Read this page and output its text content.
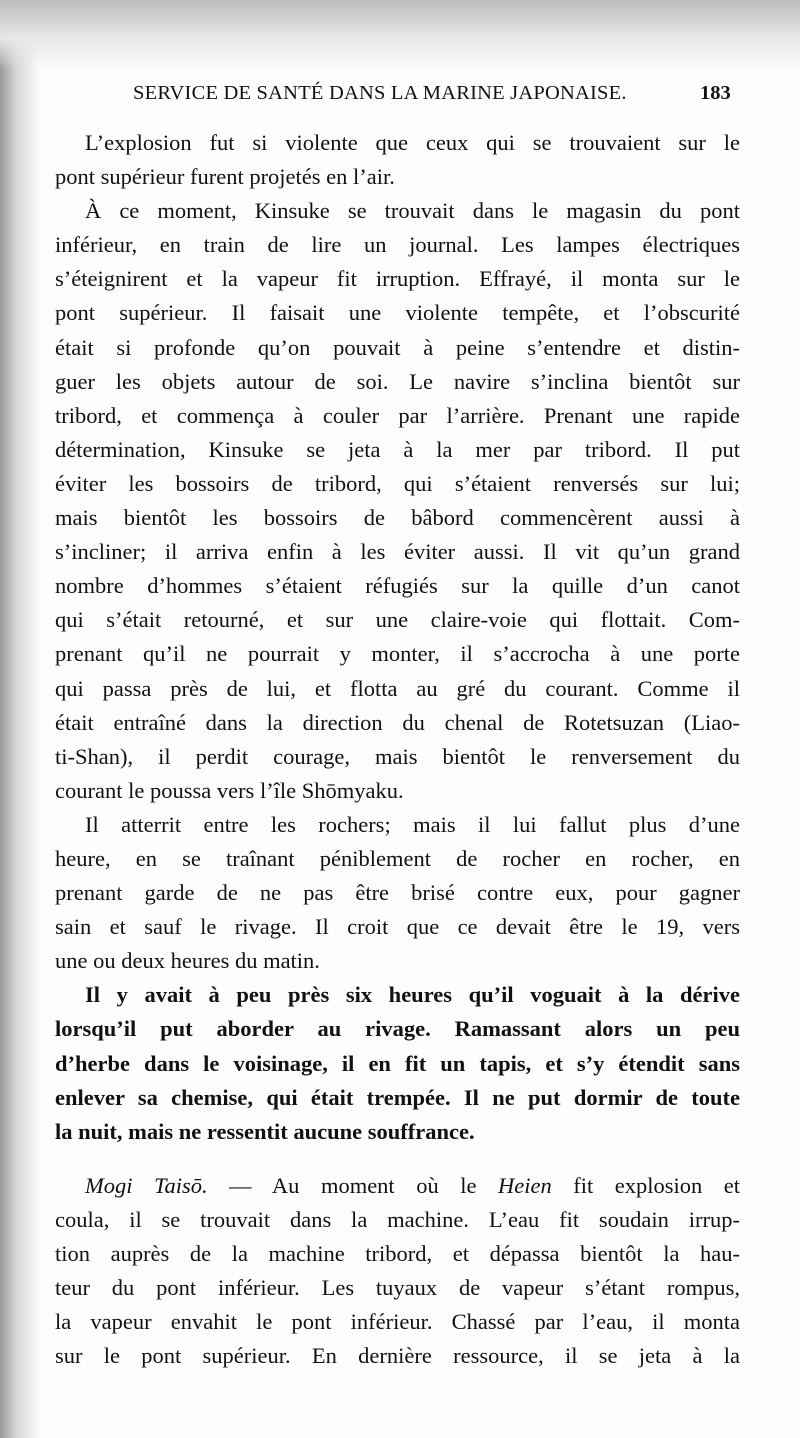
SERVICE DE SANTÉ DANS LA MARINE JAPONAISE.	183
L’explosion fut si violente que ceux qui se trouvaient sur le
pont supérieur furent projetés en l’air.
À ce moment, Kinsuke se trouvait dans le magasin du pont
inférieur, en train de lire un journal. Les lampes électriques
s’éteignirent et la vapeur fit irruption. Effrayé, il monta sur le
pont supérieur. Il faisait une violente tempête, et l’obscurité
était si profonde qu’on pouvait à peine s’entendre et distin-
guer les objets autour de soi. Le navire s’inclina bientôt sur
tribord, et commença à couler par l’arrière. Prenant une rapide
détermination, Kinsuke se jeta à la mer par tribord. Il put
éviter les bossoirs de tribord, qui s’étaient renversés sur lui;
mais bientôt les bossoirs de bâbord commencèrent aussi à
s’incliner; il arriva enfin à les éviter aussi. Il vit qu’un grand
nombre d’hommes s’étaient réfugiés sur la quille d’un canot
qui s’était retourné, et sur une claire-voie qui flottait. Com-
prenant qu’il ne pourrait y monter, il s’accrocha à une porte
qui passa près de lui, et flotta au gré du courant. Comme il
était entraîné dans la direction du chenal de Rotetsuzan (Liao-
ti-Shan), il perdit courage, mais bientôt le renversement du
courant le poussa vers l’île Shōmyaku.
Il atterrit entre les rochers; mais il lui fallut plus d’une
heure, en se traînant péniblement de rocher en rocher, en
prenant garde de ne pas être brisé contre eux, pour gagner
sain et sauf le rivage. Il croit que ce devait être le 19, vers
une ou deux heures du matin.
Il y avait à peu près six heures qu’il voguait à la dérive
lorsqu’il put aborder au rivage. Ramassant alors un peu
d’herbe dans le voisinage, il en fit un tapis, et s’y étendit sans
enlever sa chemise, qui était trempée. Il ne put dormir de toute
la nuit, mais ne ressentit aucune souffrance.
Mogi Taisō. — Au moment où le Heien fit explosion et
coula, il se trouvait dans la machine. L’eau fit soudain irrup-
tion auprès de la machine tribord, et dépassa bientôt la hau-
teur du pont inférieur. Les tuyaux de vapeur s’étant rompus,
la vapeur envahit le pont inférieur. Chassé par l’eau, il monta
sur le pont supérieur. En dernière ressource, il se jeta à la
